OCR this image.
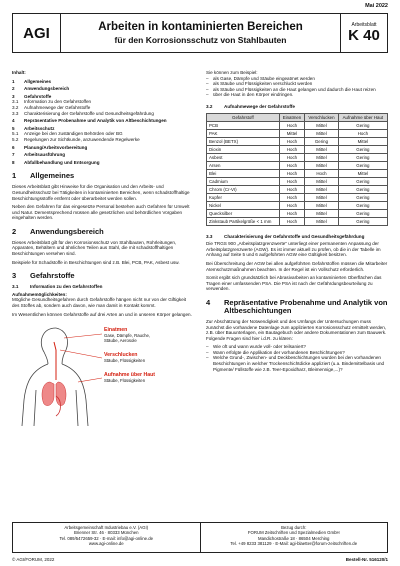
Mai 2022
AGI	Arbeiten in kontaminierten Bereichen
für den Korrosionsschutz von Stahlbauten
Arbeitsblatt
K 40
Inhalt:
1	Allgemeines
2	Anwendungsbereich
3	Gefahrstoffe
3.1	Information zu den Gefahrstoffen
3.2	Aufnahmewege der Gefahrstoffe
3.3	Charakterisierung der Gefahrstoffe und Gesundheitsgefährdung
4	Repräsentative Probenahme und Analytik von Altbeschichtungen
5	Arbeitsschutz
5.1	Anzeige bei den zuständigen Behörden oder BG
5.2	Regelungen zur Sichtkunde, anzuwendende Regelwerke
6	Planung/Arbeitsvorbereitung
7	Arbeitsausführung
8	Abfallbehandlung und Entsorgung
1	Allgemeines

Dieses Arbeitsblatt gibt Hinweise für die Organisation und den Arbeits- und Gesundheitsschutz bei Tätigkeiten in kontaminierten Bereichen, wenn schadstoffhaltige Beschichtungsstoffe entfernt oder überarbeitet werden sollen.

Neben den Gefahren für das eingesetzte Personal bestehen auch Gefahren für Umwelt und Natur. Dementsprechend müssen alle gesetzlichen und behördlichen Vorgaben eingehalten werden.

2	Anwendungsbereich

Dieses Arbeitsblatt gilt für den Korrosionsschutz von Stahlbauten, Rohrleitungen, Apparaten, Behältern und ähnlichen Teilen aus Stahl, die mit schadstoffhaltigen Beschichtungen versehen sind.

Beispiele für Schadstoffe in Beschichtungen sind z.B. Blei, PCB, PAK, Asbest usw.

3	Gefahrstoffe
3.1	Information zu den Gefahrstoffen
Aufnahmemöglichkeiten:

Mögliche Gesundheitsgefahren durch Gefahrstoffe hängen nicht nur von der Giftigkeit des Stoffes ab, sondern auch davon, wie man damit in Kontakt kommt.

Im Wesentlichen können Gefahrstoffe auf drei Arten an und in unseren Körper gelangen.

Einatmen
Gase, Dämpfe, Rauche,
Stäube, Aerosole
Verschlucken
Stäube, Flüssigkeiten
Aufnahme über Haut
Stäube, Flüssigkeiten
Sie können zum Beispiel:
– als Gase, Dämpfe und Stäube eingeatmet werden
– als Stäube und Flüssigkeiten verschluckt werden
– als Stäube und Flüssigkeiten an die Haut gelangen und dadurch die Haut reizen
– über die Haut in den Körper eindringen.
3.2	Aufnahmewege der Gefahrstoffe
Gefahrstoff	Einatmen	Verschlucken	Aufnahme über Haut
PCB	Hoch	Mittel	Gering
PAK	Mittel	Mittel	Hoch
Benzol (BETX)	Hoch	Gering	Mittel
Dioxin	Hoch	Mittel	Gering
Asbest	Hoch	Mittel	Gering
Arsen	Hoch	Mittel	Gering
Blei	Hoch	Hoch	Mittel
Cadmium	Hoch	Mittel	Gering
Chrom (Cr-VI)	Hoch	Mittel	Gering
Kupfer	Hoch	Mittel	Gering
Nickel	Hoch	Mittel	Gering
Quecksilber	Hoch	Mittel	Gering
Zinkstaub Partikelgröße < 1 mm	Hoch	Mittel	Gering
3.3	Charakterisierung der Gefahrstoffe und Gesundheitsgefährdung

Die TRGS 900 „Arbeitsplatzgrenzwerte" unterliegt einer permanenten Anpassung der Arbeitsplatzgrenzwerte (AGW). Es ist immer aktuell zu prüfen, ob die in der Tabelle im Anhang auf Seite 5 und 6 aufgeführten AGW eine Gültigkeit besitzen.

Bei Überschreitung der AGW bei allen aufgeführten Gefahrstoffen müssen die Mitarbeiter Atemschutzmaßnahmen beachten. In der Regel ist ein Vollschutz erforderlich.

Somit ergibt sich grundsätzlich bei Abrasivarbeiten an kontaminierten Oberflächen das Tragen einer umfassenden PSA. Die PSA ist nach der Gefährdungsbeurteilung zu verwenden.

4	Repräsentative Probenahme und Analytik von Altbeschichtungen

Zur Abschätzung der Notwendigkeit und des Umfangs der Untersuchungen muss zunächst die vorhandene Datenlage zum applizierten Korrosionsschutz ermittelt werden, z.B. über Bauunterlagen, ein Bautagebuch oder andere Dokumentationen zum Bauwerk. Folgende Fragen sind hier i.d.R. zu klären:

– Wie oft und wann wurde voll- oder teilsaniert?
– Wann erfolgte die Applikation der vorhandenen Beschichtungen?
– Welche Grund-, Zwischen- und Deckbeschichtungen wurden bei den vorhandenen Beschichtungen in welcher Trockenschichtdicke appliziert (u.a. Bindemittelbasis und Pigmente/ Füllstoffe wie z.B. Teer-Epoxidharz, Bleimennige,...)?
Arbeitsgemeinschaft Industriebau e.V. (AGI)
Brienner Str. 46 · 80333 München
Tel. 089/5472659-32 · E-mail: info@agi-online.de
www.agi-online.de
Bezug durch:
FORUM Zeitschriften und Spezialmedien GmbH
Mandichostraße 18 · 86504 Merching
Tel. +49 8233 381129 · E-Mail: agi-blaetter@forum-zeitschriften.de
© AGI/FORUM, 2022	Bestell-Nr. 516120/1
